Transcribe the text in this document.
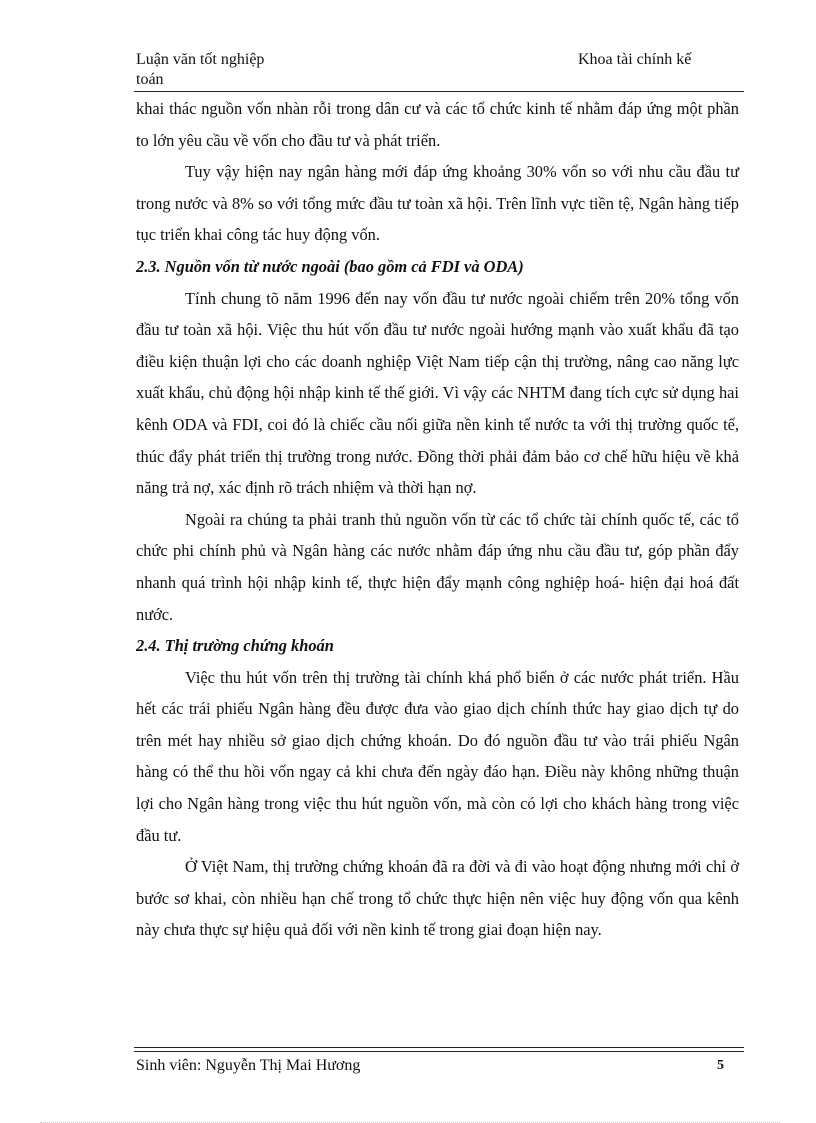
Luận văn tốt nghiệp	Khoa tài chính kế
toán

khai thác nguồn vốn nhàn rỗi trong dân cư và các tổ chức kinh tế nhằm đáp ứng một phần to lớn yêu cầu về vốn cho đầu tư và phát triển.

Tuy vậy hiện nay ngân hàng mới đáp ứng khoảng 30% vốn so với nhu cầu đầu tư trong nước và 8% so với tổng mức đầu tư toàn xã hội. Trên lĩnh vực tiền tệ, Ngân hàng tiếp tục triển khai công tác huy động vốn.

2.3. Nguồn vốn từ nước ngoài (bao gồm cả FDI và ODA)

Tính chung tõ năm 1996 đến nay vốn đầu tư nước ngoài chiếm trên 20% tổng vốn đầu tư toàn xã hội. Việc thu hút vốn đầu tư nước ngoài hướng mạnh vào xuất khẩu đã tạo điều kiện thuận lợi cho các doanh nghiệp Việt Nam tiếp cận thị trường, nâng cao năng lực xuất khẩu, chủ động hội nhập kinh tế thế giới. Vì vậy các NHTM đang tích cực sử dụng hai kênh ODA và FDI, coi đó là chiếc cầu nối giữa nền kinh tế nước ta với thị trường quốc tế, thúc đẩy phát triển thị trường trong nước. Đồng thời phải đảm bảo cơ chế hữu hiệu về khả năng trả nợ, xác định rõ trách nhiệm và thời hạn nợ.

Ngoài ra chúng ta phải tranh thủ nguồn vốn từ các tổ chức tài chính quốc tế, các tổ chức phi chính phủ và Ngân hàng các nước nhằm đáp ứng nhu cầu đầu tư, góp phần đẩy nhanh quá trình hội nhập kinh tế, thực hiện đẩy mạnh công nghiệp hoá- hiện đại hoá đất nước.

2.4. Thị trường chứng khoán

Việc thu hút vốn trên thị trường tài chính khá phổ biến ở các nước phát triển. Hầu hết các trái phiếu Ngân hàng đều được đưa vào giao dịch chính thức hay giao dịch tự do trên mét hay nhiều sở giao dịch chứng khoán. Do đó nguồn đầu tư vào trái phiếu Ngân hàng có thể thu hồi vốn ngay cả khi chưa đến ngày đáo hạn. Điều này không những thuận lợi cho Ngân hàng trong việc thu hút nguồn vốn, mà còn có lợi cho khách hàng trong việc đầu tư.

Ở Việt Nam, thị trường chứng khoán đã ra đời và đi vào hoạt động nhưng mới chỉ ở bước sơ khai, còn nhiều hạn chế trong tổ chức thực hiện nên việc huy động vốn qua kênh này chưa thực sự hiệu quả đối với nền kinh tế trong giai đoạn hiện nay.

Sinh viên: Nguyễn Thị Mai Hương	5
